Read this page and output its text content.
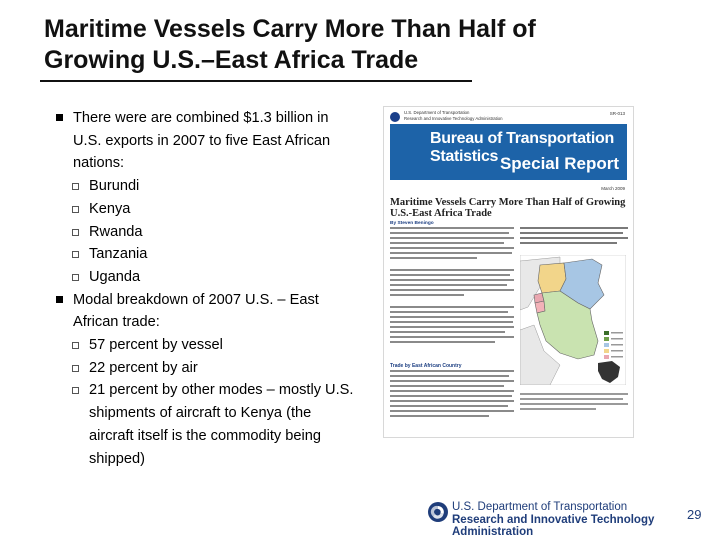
Maritime Vessels Carry More Than Half of
Growing U.S.–East Africa Trade
There were are combined $1.3 billion in U.S. exports in 2007 to five East African nations:
Burundi
Kenya
Rwanda
Tanzania
Uganda
Modal breakdown of 2007 U.S. – East African trade:
57 percent by vessel
22 percent by air
21 percent by other modes – mostly U.S. shipments of aircraft to Kenya (the aircraft itself is the commodity being shipped)
U.S. Department of Transportation
Research and Innovative Technology Administration
SR-013
Bureau of Transportation Statistics Special Report
March 2009
Maritime Vessels Carry More Than Half of Growing U.S.-East Africa Trade
By Steven Beningo
Trade by East African Country
U.S. Department of Transportation
Research and Innovative Technology Administration
29
